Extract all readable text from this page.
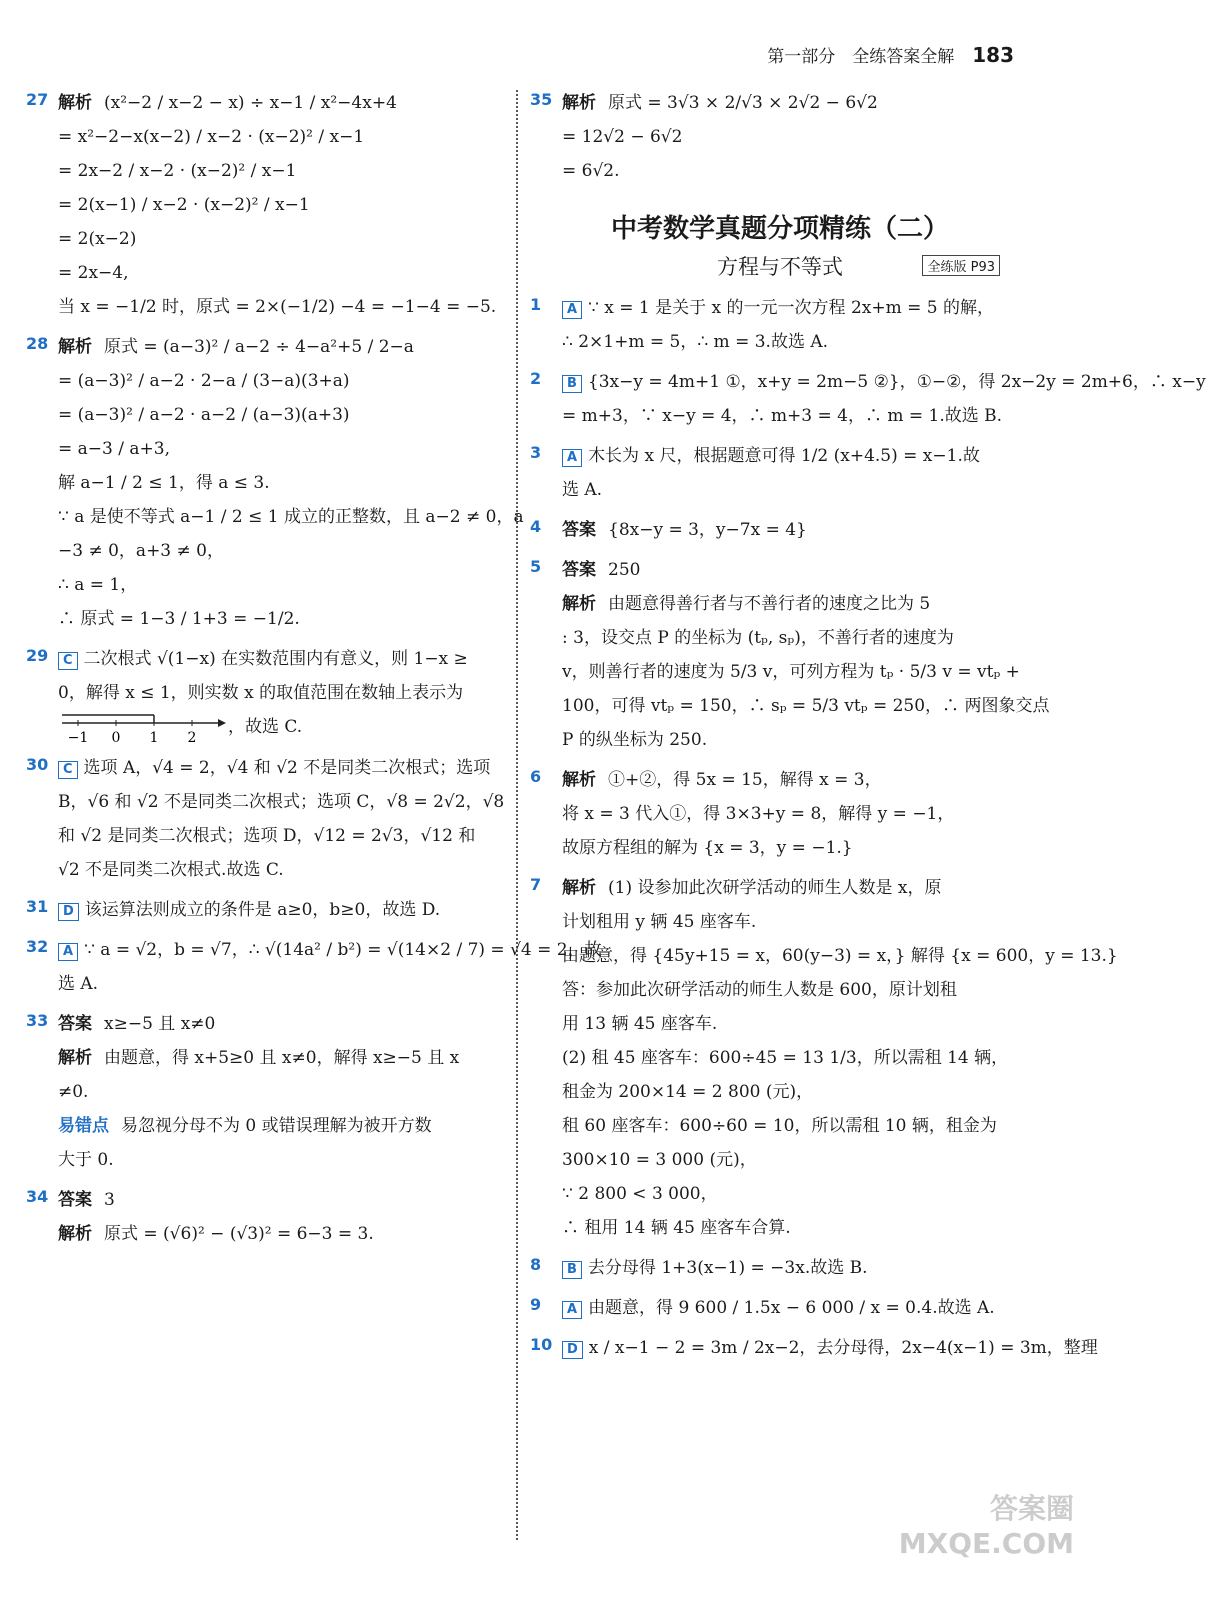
第一部分　全练答案全解 183
27 解析 (x²−2 / x−2 − x) ÷ x−1 / x²−4x+4
= x²−2−x(x−2) / x−2 · (x−2)² / x−1
= 2x−2 / x−2 · (x−2)² / x−1
= 2(x−1) / x−2 · (x−2)² / x−1
= 2(x−2)
= 2x−4,
当 x = −1/2 时，原式 = 2×(−1/2) −4 = −1−4 = −5.
28 解析 原式 = (a−3)² / a−2 ÷ 4−a²+5 / 2−a
= (a−3)² / a−2 · 2−a / (3−a)(3+a)
= (a−3)² / a−2 · a−2 / (a−3)(a+3)
= a−3 / a+3,
解 a−1 / 2 ≤ 1，得 a ≤ 3.
∵ a 是使不等式 a−1 / 2 ≤ 1 成立的正整数，且 a−2 ≠ 0，a
−3 ≠ 0，a+3 ≠ 0，
∴ a = 1，
∴ 原式 = 1−3 / 1+3 = −1/2.
29	C 二次根式 √(1−x) 在实数范围内有意义，则 1−x ≥
0，解得 x ≤ 1，则实数 x 的取值范围在数轴上表示为
−1 0 1 2
，故选 C.
30	C 选项 A，√4 = 2，√4 和 √2 不是同类二次根式；选项
B，√6 和 √2 不是同类二次根式；选项 C，√8 = 2√2，√8
和 √2 是同类二次根式；选项 D，√12 = 2√3，√12 和
√2 不是同类二次根式.故选 C.
31	D 该运算法则成立的条件是 a≥0，b≥0，故选 D.
32	A ∵ a = √2，b = √7，∴ √(14a² / b²) = √(14×2 / 7) = √4 = 2，故
选 A.
33 答案 x≥−5 且 x≠0
解析 由题意，得 x+5≥0 且 x≠0，解得 x≥−5 且 x
≠0.
易错点 易忽视分母不为 0 或错误理解为被开方数
大于 0.
34 答案 3
解析 原式 = (√6)² − (√3)² = 6−3 = 3.
35 解析 原式 = 3√3 × 2/√3 × 2√2 − 6√2
= 12√2 − 6√2
= 6√2.
中考数学真题分项精练（二）
方程与不等式	全练版 P93
1	A ∵ x = 1 是关于 x 的一元一次方程 2x+m = 5 的解，
∴ 2×1+m = 5，∴ m = 3.故选 A.
2	B {3x−y = 4m+1 ①，x+y = 2m−5 ②}，①−②，得 2x−2y = 2m+6，∴ x−y
= m+3，∵ x−y = 4，∴ m+3 = 4，∴ m = 1.故选 B.
3	A 木长为 x 尺，根据题意可得 1/2 (x+4.5) = x−1.故
选 A.
4 答案 {8x−y = 3，y−7x = 4}
5 答案 250
解析 由题意得善行者与不善行者的速度之比为 5
: 3，设交点 P 的坐标为 (tₚ, sₚ)，不善行者的速度为
v，则善行者的速度为 5/3 v，可列方程为 tₚ · 5/3 v = vtₚ +
100，可得 vtₚ = 150，∴ sₚ = 5/3 vtₚ = 250，∴ 两图象交点
P 的纵坐标为 250.
6 解析 ①+②，得 5x = 15，解得 x = 3，
将 x = 3 代入①，得 3×3+y = 8，解得 y = −1，
故原方程组的解为 {x = 3，y = −1.}
7 解析 (1) 设参加此次研学活动的师生人数是 x，原
计划租用 y 辆 45 座客车.
由题意，得 {45y+15 = x，60(y−3) = x，} 解得 {x = 600，y = 13.}
答：参加此次研学活动的师生人数是 600，原计划租
用 13 辆 45 座客车.
(2) 租 45 座客车：600÷45 = 13 1/3，所以需租 14 辆，
租金为 200×14 = 2 800 (元)，
租 60 座客车：600÷60 = 10，所以需租 10 辆，租金为
300×10 = 3 000 (元)，
∵ 2 800 < 3 000，
∴ 租用 14 辆 45 座客车合算.
8	B 去分母得 1+3(x−1) = −3x.故选 B.
9	A 由题意，得 9 600 / 1.5x − 6 000 / x = 0.4.故选 A.
10	D x / x−1 − 2 = 3m / 2x−2，去分母得，2x−4(x−1) = 3m，整理
答案圈
MXQE.COM
